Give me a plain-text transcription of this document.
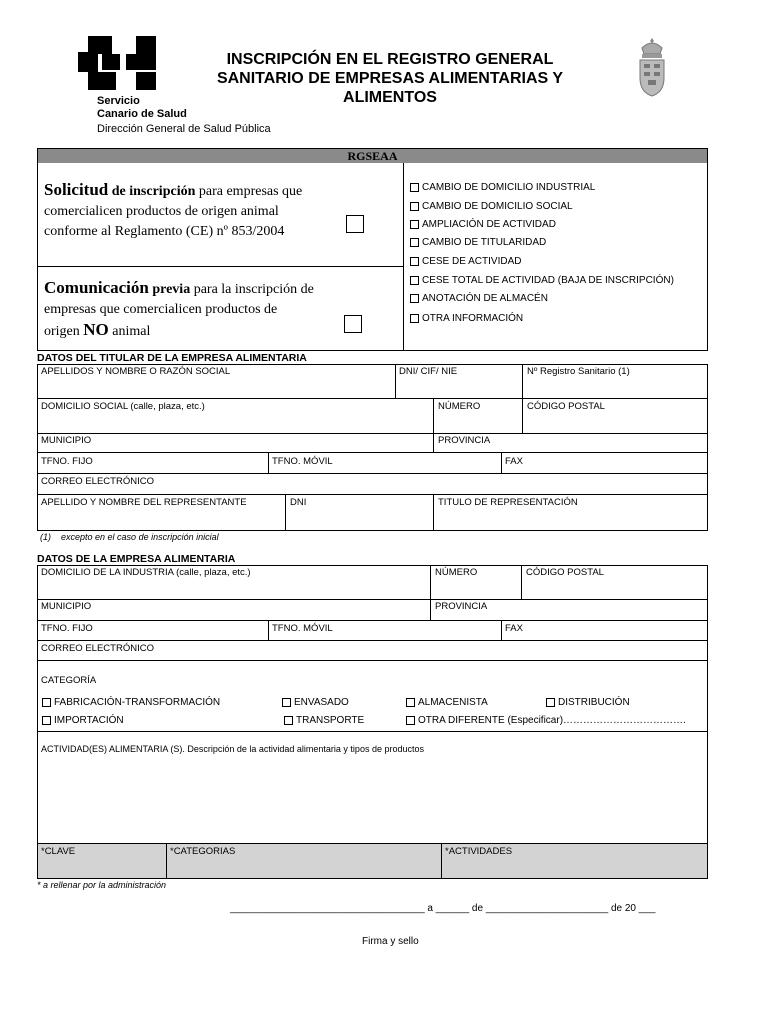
INSCRIPCIÓN EN EL REGISTRO GENERAL
SANITARIO DE EMPRESAS ALIMENTARIAS Y
ALIMENTOS
Servicio
Canario de Salud
Dirección General de Salud Pública
RGSEAA
Solicitud de inscripción para empresas que
comercialicen productos de origen animal
conforme al Reglamento (CE) nº 853/2004
Comunicación previa para la inscripción de
empresas que comercialicen productos de
origen NO animal
CAMBIO DE DOMICILIO INDUSTRIAL
CAMBIO DE DOMICILIO SOCIAL
AMPLIACIÓN DE ACTIVIDAD
CAMBIO DE TITULARIDAD
CESE DE ACTIVIDAD
CESE TOTAL DE ACTIVIDAD (BAJA DE INSCRIPCIÓN)
ANOTACIÓN DE ALMACÉN
OTRA INFORMACIÓN
DATOS DEL TITULAR DE LA EMPRESA ALIMENTARIA
APELLIDOS Y NOMBRE O RAZÓN SOCIAL	DNI/ CIF/ NIE	Nº Registro Sanitario (1)
DOMICILIO SOCIAL (calle, plaza, etc.)	NÚMERO	CÓDIGO POSTAL
MUNICIPIO	PROVINCIA
TFNO. FIJO	TFNO. MÓVIL	FAX
CORREO ELECTRÓNICO
APELLIDO Y NOMBRE DEL REPRESENTANTE	DNI	TITULO DE REPRESENTACIÓN
(1) excepto en el caso de inscripción inicial
DATOS DE LA EMPRESA ALIMENTARIA
DOMICILIO DE LA INDUSTRIA (calle, plaza, etc.)	NÚMERO	CÓDIGO POSTAL
MUNICIPIO	PROVINCIA
TFNO. FIJO	TFNO. MÓVIL	FAX
CORREO ELECTRÓNICO
CATEGORÍA
FABRICACIÓN-TRANSFORMACIÓN	ENVASADO	ALMACENISTA	DISTRIBUCIÓN
IMPORTACIÓN	TRANSPORTE	OTRA DIFERENTE (Especificar)……………………………….
ACTIVIDAD(ES) ALIMENTARIA (S). Descripción de la actividad alimentaria y tipos de productos
*CLAVE	*CATEGORIAS	*ACTIVIDADES
* a rellenar por la administración
___________________________________ a ______ de ______________________ de 20 ___
Firma y sello
